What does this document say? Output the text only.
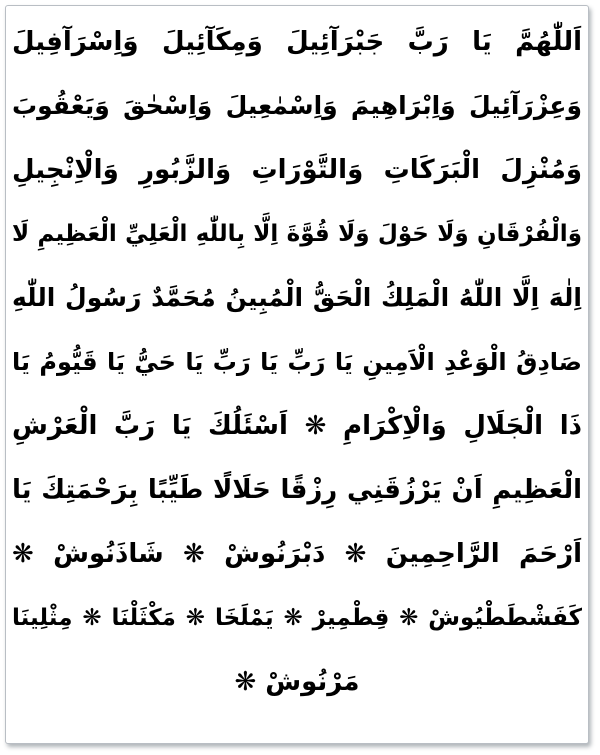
اَللّٰهُمَّ يَا رَبَّ جَبْرَآئِيلَ وَمِكَآئِيلَ وَاِسْرَآفِيلَ
وَعِزْرَآئِيلَ وَاِبْرَاهِيمَ وَاِسْمٰعِيلَ وَاِسْحٰقَ وَيَعْقُوبَ
وَمُنْزِلَ الْبَرَكَاتِ وَالتَّوْرَاتِ وَالزَّبُورِ وَالْاِنْجِيلِ
وَالْفُرْقَانِ وَلَا حَوْلَ وَلَا قُوَّةَ اِلَّا بِاللّٰهِ الْعَلِيِّ الْعَظِيمِ لَا
اِلٰهَ اِلَّا اللّٰهُ الْمَلِكُ الْحَقُّ الْمُبِينُ مُحَمَّدٌ رَسُولُ اللّٰهِ
صَادِقُ الْوَعْدِ الْاَمِينِ يَا رَبِّ يَا رَبِّ يَا حَيُّ يَا قَيُّومُ يَا
ذَا الْجَلَالِ وَالْاِكْرَامِ ❋ اَسْئَلُكَ يَا رَبَّ الْعَرْشِ
الْعَظِيمِ اَنْ يَرْزُقَنِي رِزْقًا حَلَالًا طَيِّبًا بِرَحْمَتِكَ يَا
اَرْحَمَ الرَّاحِمِينَ ❋ دَبْرَنُوشْ ❋ شَاذَنُوشْ ❋
كَفَشْطَطْيُوشْ ❋ قِطْمِيرْ ❋ يَمْلَخَا ❋ مَكْثَلْنَا ❋ مِثْلِينَا
مَرْنُوشْ ❋
